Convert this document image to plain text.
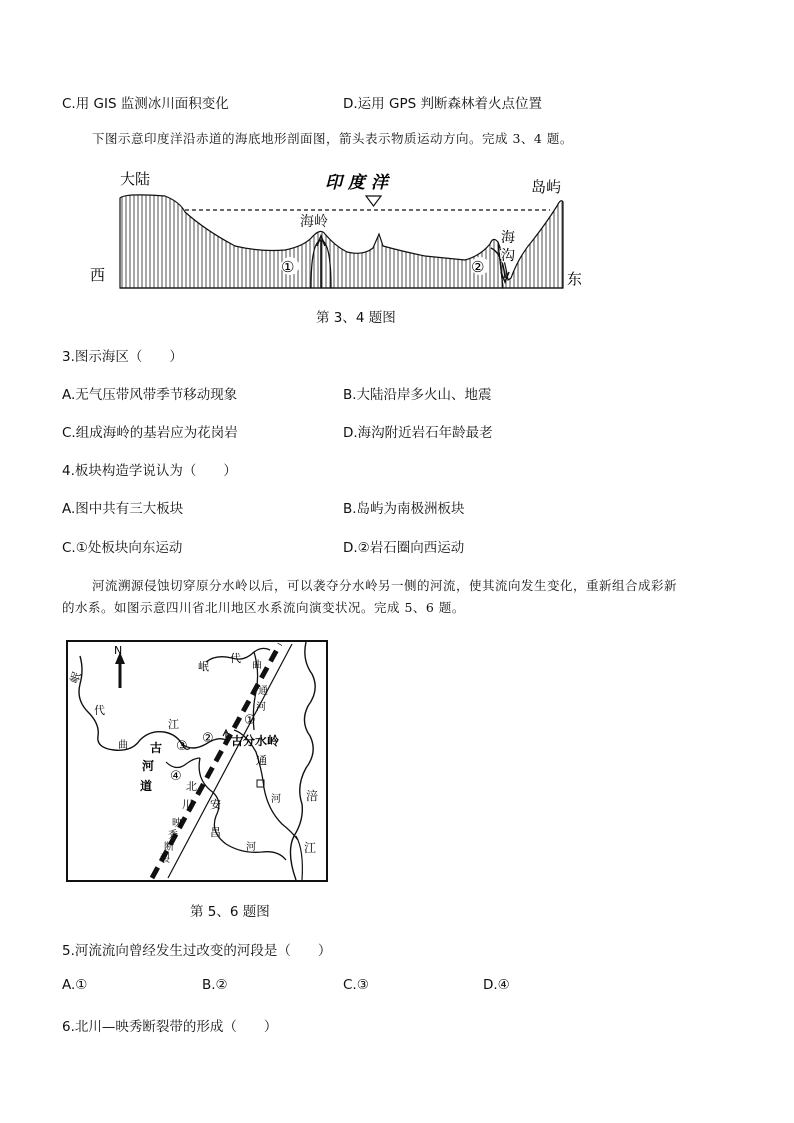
C.用 GIS 监测冰川面积变化	D.运用 GPS 判断森林着火点位置
下图示意印度洋沿赤道的海底地形剖面图，箭头表示物质运动方向。完成 3、4 题。
大陆	印 度 洋	岛屿
海岭
海
沟
①	②
西	东
第 3、4 题图
3.图示海区（　　）
A.无气压带风带季节移动现象	B.大陆沿岸多火山、地震
C.组成海岭的基岩应为花岗岩	D.海沟附近岩石年龄最老
4.板块构造学说认为（　　）
A.图中共有三大板块	B.岛屿为南极洲板块
C.①处板块向东运动	D.②岩石圈向西运动
河流溯源侵蚀切穿原分水岭以后，可以袭夺分水岭另一侧的河流，使其流向发生变化，重新组合成彩新
的水系。如图示意四川省北川地区水系流向演变状况。完成 5、6 题。
N
岷
代
曲
江
岷
代
曲
通
河
古
河
道	北
川
映
秀
断
裂
安
昌
河
通
河 涪
江
古分水岭
①
②
③
④
第 5、6 题图
5.河流流向曾经发生过改变的河段是（　　）
A.①	B.②	C.③	D.④
6.北川—映秀断裂带的形成（　　）
